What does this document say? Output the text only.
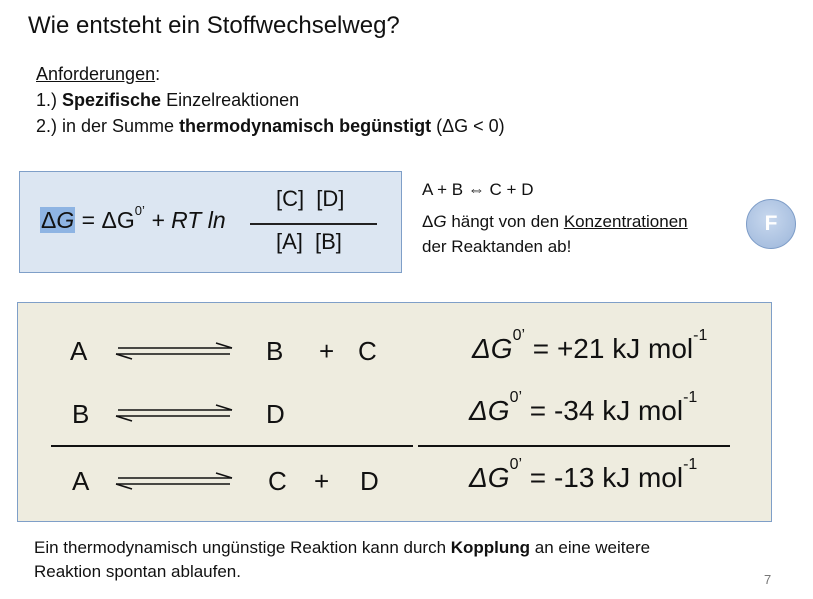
Wie entsteht ein Stoffwechselweg?
Anforderungen:
1.) Spezifische Einzelreaktionen
2.) in der Summe thermodynamisch begünstigt (ΔG < 0)
$\Delta G = \Delta G^{0’}$ + RT ln
[C] [D]
[A] [B]
A + B ⇔ C + D
ΔG hängt von den Konzentrationen
der Reaktanden ab!
F
A	B + C	$\Delta G^{0’} = +21$ kJ mol$^{-1}$
B	D	$\Delta G^{0’} = -34$ kJ mol$^{-1}$
A	C + D	$\Delta G^{0’} = -13$ kJ mol$^{-1}$
Ein thermodynamisch ungünstige Reaktion kann durch Kopplung an eine weitere
Reaktion spontan ablaufen.	7
